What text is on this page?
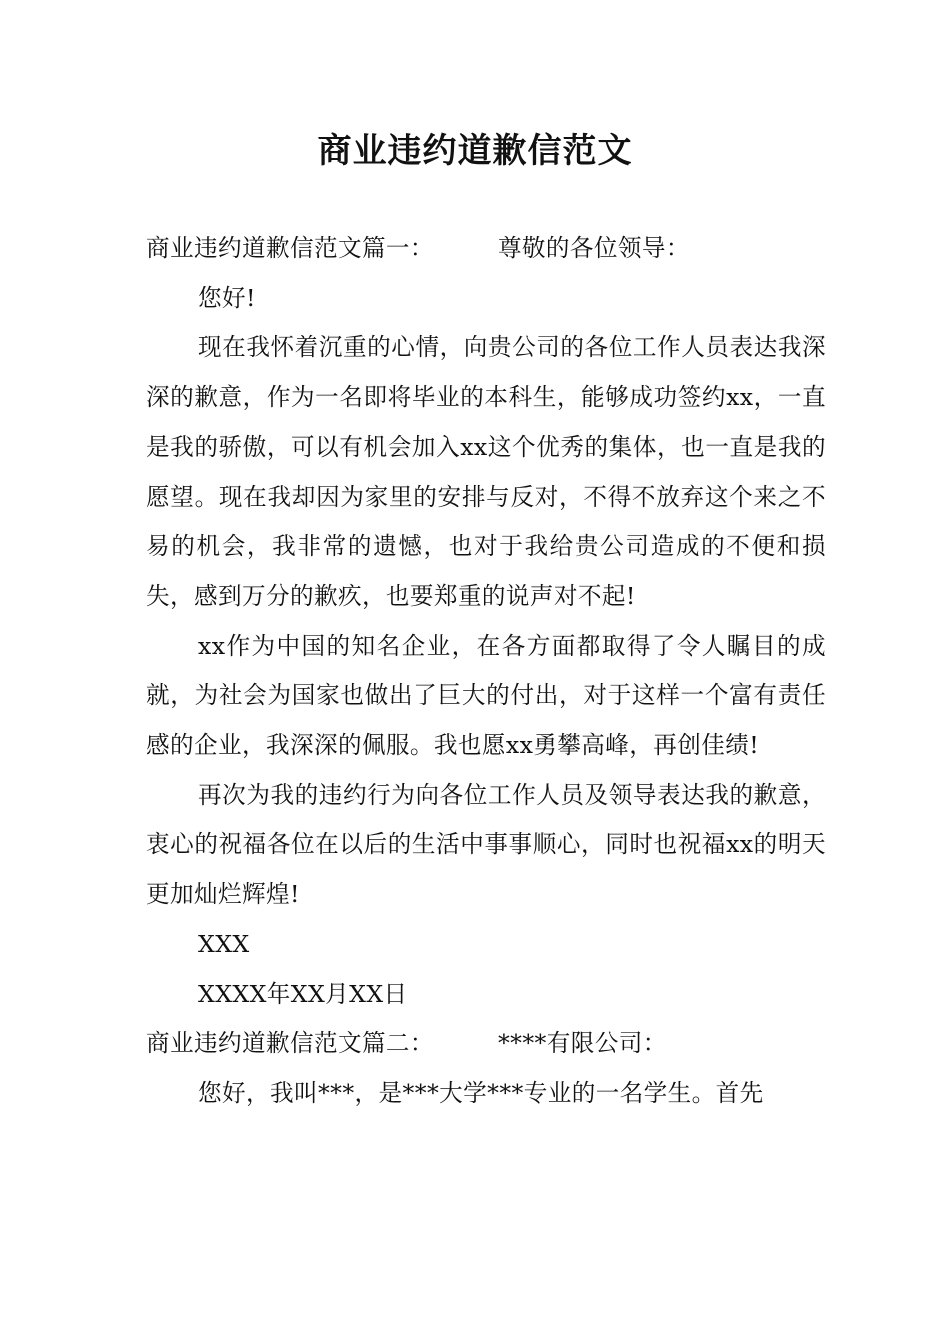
商业违约道歉信范文

商业违约道歉信范文篇一：	尊敬的各位领导：

您好!

现在我怀着沉重的心情，向贵公司的各位工作人员表达我深深的歉意，作为一名即将毕业的本科生，能够成功签约xx，一直是我的骄傲，可以有机会加入xx这个优秀的集体，也一直是我的愿望。现在我却因为家里的安排与反对，不得不放弃这个来之不易的机会，我非常的遗憾，也对于我给贵公司造成的不便和损失，感到万分的歉疚，也要郑重的说声对不起!

xx作为中国的知名企业，在各方面都取得了令人瞩目的成就，为社会为国家也做出了巨大的付出，对于这样一个富有责任感的企业，我深深的佩服。我也愿xx勇攀高峰，再创佳绩!

再次为我的违约行为向各位工作人员及领导表达我的歉意，衷心的祝福各位在以后的生活中事事顺心，同时也祝福xx的明天更加灿烂辉煌!

XXX

XXXX年XX月XX日

商业违约道歉信范文篇二：	****有限公司：

您好，我叫***，是***大学***专业的一名学生。首先
